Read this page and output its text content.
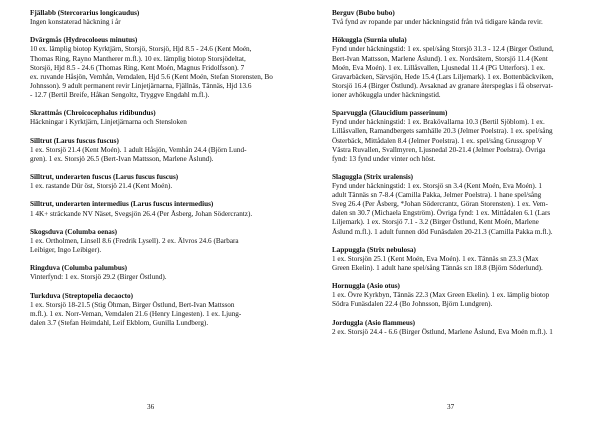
Fjällabb (Stercorarius longicaudus)

Ingen konstaterad häckning i år

Dvärgmås (Hydrocoloeus minutus)

10 ex. lämplig biotop Kyrktjärn, Storsjö, Storsjö, Hjd 8.5 - 24.6 (Kent Moén,
Thomas Ring, Rayno Mantherer m.fl.). 10 ex. lämplig biotop Storsjödeltat,
Storsjö, Hjd 8.5 - 24.6 (Thomas Ring, Kent Moén, Magnus Fridolfsson). 7
ex. ruvande Håsjön, Vemhån, Vemdalen, Hjd 5.6 (Kent Moén, Stefan Storensten, Bo
Johnsson). 9 adult permanent revir Linjetjärnarna, Fjällnäs, Tännäs, Hjd 13.6
- 12.7 (Bertil Breife, Håkan Sengoltz, Tryggve Engdahl m.fl.).

Skrattmås (Chroicocephalus ridibundus)

Häckningar i Kyrktjärn, Linjetjärnarna och Stensloken

Silltrut (Larus fuscus fuscus)

1 ex. Storsjö 21.4 (Kent Moén). 1 adult Håsjön, Vemhån 24.4 (Björn Lund-
gren). 1 ex. Storsjö 26.5 (Bert-Ivan Mattsson, Marlene Åslund).

Silltrut, underarten fuscus (Larus fuscus fuscus)

1 ex. rastande Dür öst, Storsjö 21.4 (Kent Moén).

Silltrut, underarten intermedius (Larus fuscus intermedius)

1 4K+ sträckande NV Näset, Svegsjön 26.4 (Per Åsberg, Johan Södercrantz).

Skogsduva (Columba oenas)

1 ex. Ortholmen, Linsell 8.6 (Fredrik Lysell). 2 ex. Älvros 24.6 (Barbara
Leibiger, Ingo Leibiger).

Ringduva (Columba palumbus)

Vinterfynd: 1 ex. Storsjö 29.2 (Birger Östlund).

Turkduva (Streptopelia decaocto)

1 ex. Storsjö 18-21.5 (Stig Öhman, Birger Östlund, Bert-Ivan Mattsson
m.fl.). 1 ex. Norr-Veman, Vemdalen 21.6 (Henry Lingesten). 1 ex. Ljung-
dalen 3.7 (Stefan Heimdahl, Leif Ekblom, Gunilla Lundberg).
36

Berguv (Bubo bubo)

Två fynd av ropande par under häckningstid från två tidigare kända revir.

Hökuggla (Surnia ulula)

Fynd under häckningstid: 1 ex. spel/sång Storsjö 31.3 - 12.4 (Birger Östlund,
Bert-Ivan Mattsson, Marlene Åslund). 1 ex. Nordsätern, Storsjö 11.4 (Kent
Moén, Eva Moén). 1 ex. Lillåsvallen, Ljusnedal 11.4 (PG Utterfors). 1 ex.
Gravarbäcken, Särvsjön, Hede 15.4 (Lars Liljemark). 1 ex. Bottenbäckviken,
Storsjö 16.4 (Birger Östlund). Avsaknad av granare återspeglas i få observat-
ioner avhökuggla under häckningstid.

Sparvuggla (Glaucidium passerinum)

Fynd under häckningstid: 1 ex. Brakövallarna 10.3 (Bertil Sjöblom). 1 ex.
Lillåsvallen, Ramandbergets samhälle 20.3 (Jelmer Poelstra). 1 ex. spel/sång
Österbäck, Mittådalen 8.4 (Jelmer Poelstra). 1 ex. spel/sång Grussgrop V
Västra Ruvallen, Svallmyren, Ljusnedal 20-21.4 (Jelmer Poelstra). Övriga
fynd: 13 fynd under vinter och höst.

Slaguggla (Strix uralensis)

Fynd under häckningstid: 1 ex. Storsjö sn 3.4 (Kent Moén, Eva Moén). 1
adult Tännäs sn 7-8.4 (Camilla Pakka, Jelmer Poelstra). 1 hane spel/sång
Sveg 26.4 (Per Åsberg, *Johan Södercrantz, Göran Storensten). 1 ex. Vem-
dalen sn 30.7 (Michaela Engström). Övriga fynd: 1 ex. Mittådalen 6.1 (Lars
Liljemark). 1 ex. Storsjö 7.1 - 3.2 (Birger Östlund, Kent Moén, Marlene
Åslund m.fl.). 1 adult funnen död Funäsdalen 20-21.3 (Camilla Pakka m.fl.).

Lappuggla (Strix nebulosa)

1 ex. Storsjön 25.1 (Kent Moén, Eva Moén). 1 ex. Tännäs sn 23.3 (Max
Green Ekelin). 1 adult hane spel/sång Tännäs s:n 18.8 (Björn Söderlund).

Hornuggla (Asio otus)

1 ex. Övre Kyrkbyn, Tännäs 22.3 (Max Green Ekelin). 1 ex. lämplig biotop
Södra Funäsdalen 22.4 (Bo Johnsson, Björn Lundgren).

Jorduggla (Asio flammeus)

2 ex. Storsjö 24.4 - 6.6 (Birger Östlund, Marlene Åslund, Eva Moén m.fl.). 1
37
